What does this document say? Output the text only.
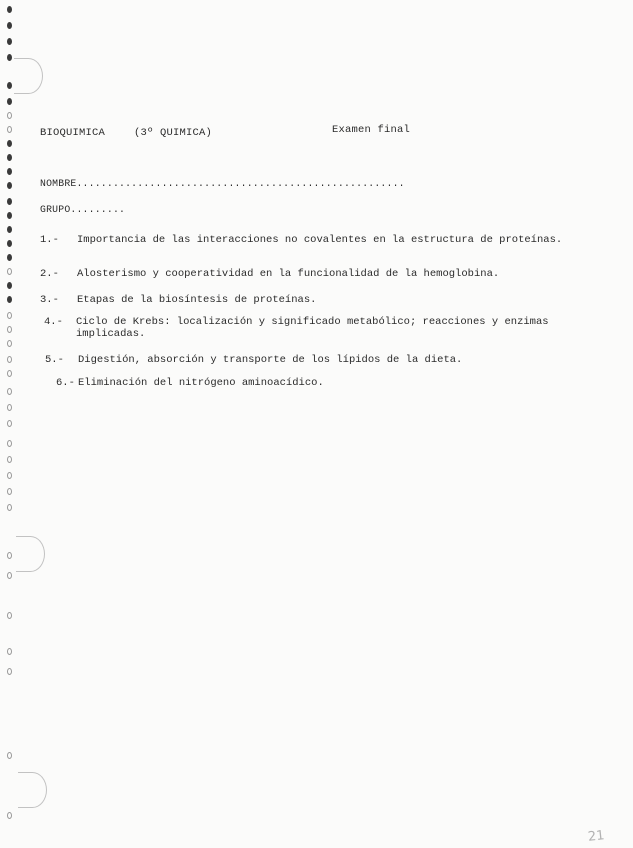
BIOQUIMICA	(3º QUIMICA)	Examen final
NOMBRE......................................................
GRUPO.........
1.-	Importancia de las interacciones no covalentes en la estructura de proteínas.
2.-	Alosterismo y cooperatividad en la funcionalidad de la hemoglobina.
3.-	Etapas de la biosíntesis de proteínas.
4.-	Ciclo de Krebs: localización y significado metabólico; reacciones y enzimas implicadas.
5.-	Digestión, absorción y transporte de los lípidos de la dieta.
6.- Eliminación del nitrógeno aminoacídico.
21
